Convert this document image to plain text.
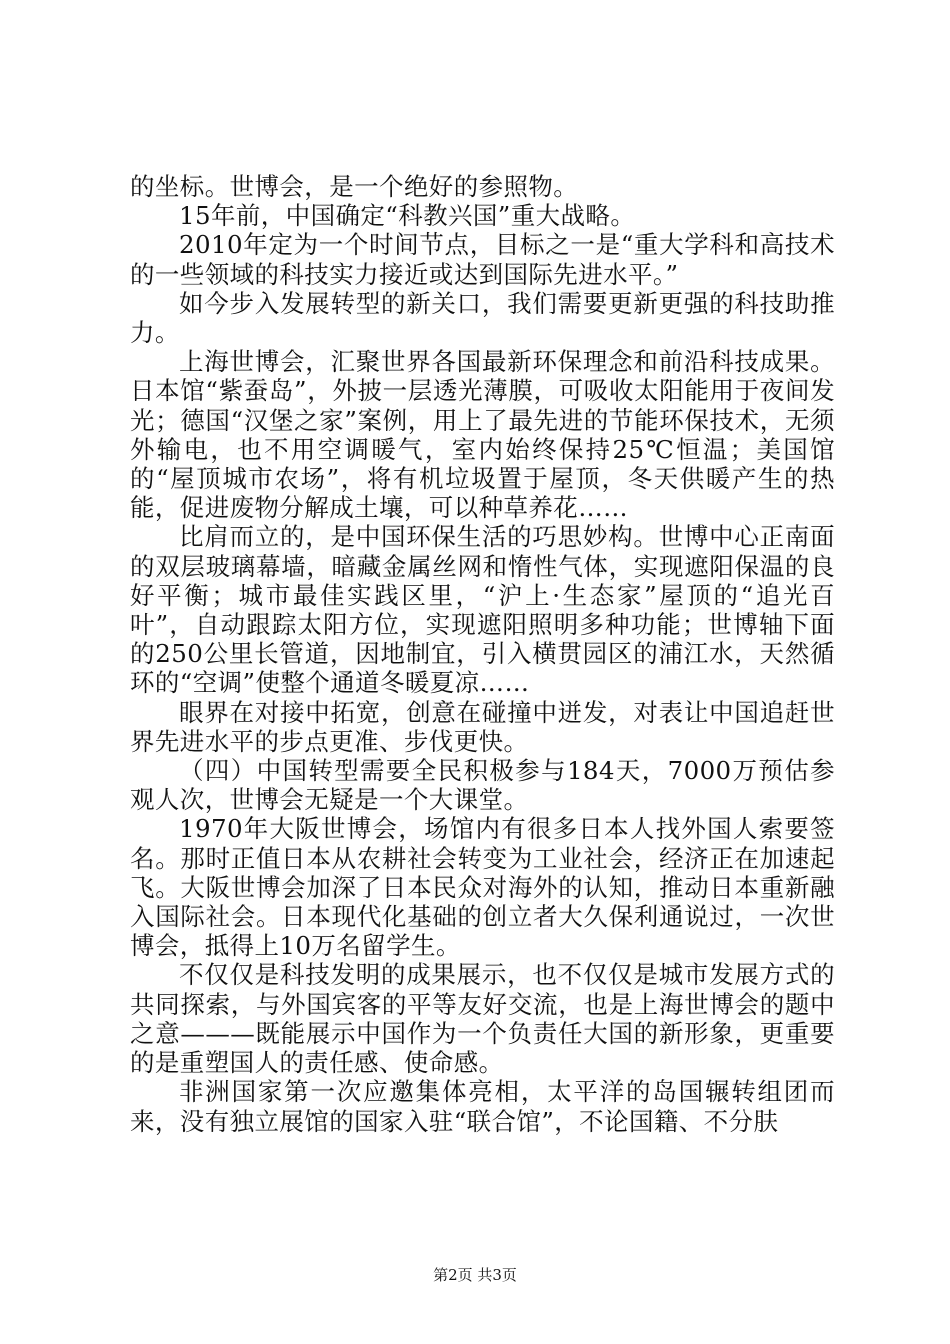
的坐标。世博会，是一个绝好的参照物。

15年前，中国确定“科教兴国”重大战略。

2010年定为一个时间节点，目标之一是“重大学科和高技术的一些领域的科技实力接近或达到国际先进水平。”

如今步入发展转型的新关口，我们需要更新更强的科技助推力。

上海世博会，汇聚世界各国最新环保理念和前沿科技成果。日本馆“紫蚕岛”，外披一层透光薄膜，可吸收太阳能用于夜间发光；德国“汉堡之家”案例，用上了最先进的节能环保技术，无须外输电，也不用空调暖气，室内始终保持25℃恒温；美国馆的“屋顶城市农场”，将有机垃圾置于屋顶，冬天供暖产生的热能，促进废物分解成土壤，可以种草养花……

比肩而立的，是中国环保生活的巧思妙构。世博中心正南面的双层玻璃幕墙，暗藏金属丝网和惰性气体，实现遮阳保温的良好平衡；城市最佳实践区里，“沪上·生态家”屋顶的“追光百叶”，自动跟踪太阳方位，实现遮阳照明多种功能；世博轴下面的250公里长管道，因地制宜，引入横贯园区的浦江水，天然循环的“空调”使整个通道冬暖夏凉……

眼界在对接中拓宽，创意在碰撞中迸发，对表让中国追赶世界先进水平的步点更准、步伐更快。

（四）中国转型需要全民积极参与184天，7000万预估参观人次，世博会无疑是一个大课堂。

1970年大阪世博会，场馆内有很多日本人找外国人索要签名。那时正值日本从农耕社会转变为工业社会，经济正在加速起飞。大阪世博会加深了日本民众对海外的认知，推动日本重新融入国际社会。日本现代化基础的创立者大久保利通说过，一次世博会，抵得上10万名留学生。

不仅仅是科技发明的成果展示，也不仅仅是城市发展方式的共同探索，与外国宾客的平等友好交流，也是上海世博会的题中之意———既能展示中国作为一个负责任大国的新形象，更重要的是重塑国人的责任感、使命感。

非洲国家第一次应邀集体亮相，太平洋的岛国辗转组团而来，没有独立展馆的国家入驻“联合馆”，不论国籍、不分肤

第2页 共3页
